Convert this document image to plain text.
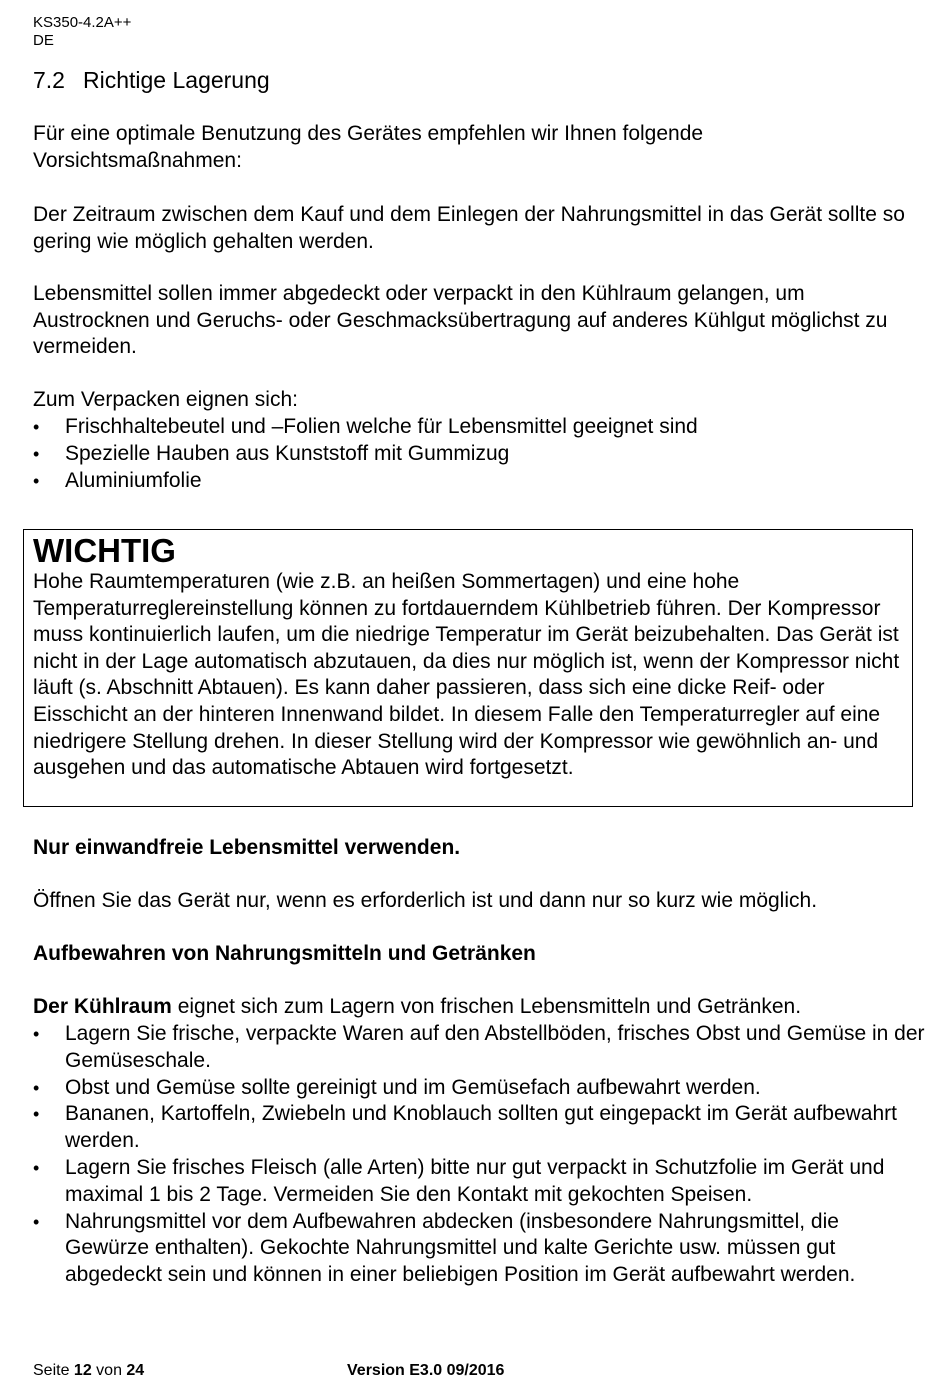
KS350-4.2A++
DE
7.2 Richtige Lagerung

Für eine optimale Benutzung des Gerätes empfehlen wir Ihnen folgende Vorsichtsmaßnahmen:

Der Zeitraum zwischen dem Kauf und dem Einlegen der Nahrungsmittel in das Gerät sollte so gering wie möglich gehalten werden.

Lebensmittel sollen immer abgedeckt oder verpackt in den Kühlraum gelangen, um Austrocknen und Geruchs- oder Geschmacksübertragung auf anderes Kühlgut möglichst zu vermeiden.

Zum Verpacken eignen sich:

• Frischhaltebeutel und –Folien welche für Lebensmittel geeignet sind
• Spezielle Hauben aus Kunststoff mit Gummizug
• Aluminiumfolie
WICHTIG

Hohe Raumtemperaturen (wie z.B. an heißen Sommertagen) und eine hohe Temperaturreglereinstellung können zu fortdauerndem Kühlbetrieb führen. Der Kompressor muss kontinuierlich laufen, um die niedrige Temperatur im Gerät beizubehalten. Das Gerät ist nicht in der Lage automatisch abzutauen, da dies nur möglich ist, wenn der Kompressor nicht läuft (s. Abschnitt Abtauen). Es kann daher passieren, dass sich eine dicke Reif- oder Eisschicht an der hinteren Innenwand bildet. In diesem Falle den Temperaturregler auf eine niedrigere Stellung drehen. In dieser Stellung wird der Kompressor wie gewöhnlich an- und ausgehen und das automatische Abtauen wird fortgesetzt.

Nur einwandfreie Lebensmittel verwenden.

Öffnen Sie das Gerät nur, wenn es erforderlich ist und dann nur so kurz wie möglich.

Aufbewahren von Nahrungsmitteln und Getränken

Der Kühlraum eignet sich zum Lagern von frischen Lebensmitteln und Getränken.

• Lagern Sie frische, verpackte Waren auf den Abstellböden, frisches Obst und Gemüse in der Gemüseschale.
• Obst und Gemüse sollte gereinigt und im Gemüsefach aufbewahrt werden.
• Bananen, Kartoffeln, Zwiebeln und Knoblauch sollten gut eingepackt im Gerät aufbewahrt werden.
• Lagern Sie frisches Fleisch (alle Arten) bitte nur gut verpackt in Schutzfolie im Gerät und maximal 1 bis 2 Tage. Vermeiden Sie den Kontakt mit gekochten Speisen.
• Nahrungsmittel vor dem Aufbewahren abdecken (insbesondere Nahrungsmittel, die Gewürze enthalten). Gekochte Nahrungsmittel und kalte Gerichte usw. müssen gut abgedeckt sein und können in einer beliebigen Position im Gerät aufbewahrt werden.
Seite 12 von 24	Version E3.0 09/2016
